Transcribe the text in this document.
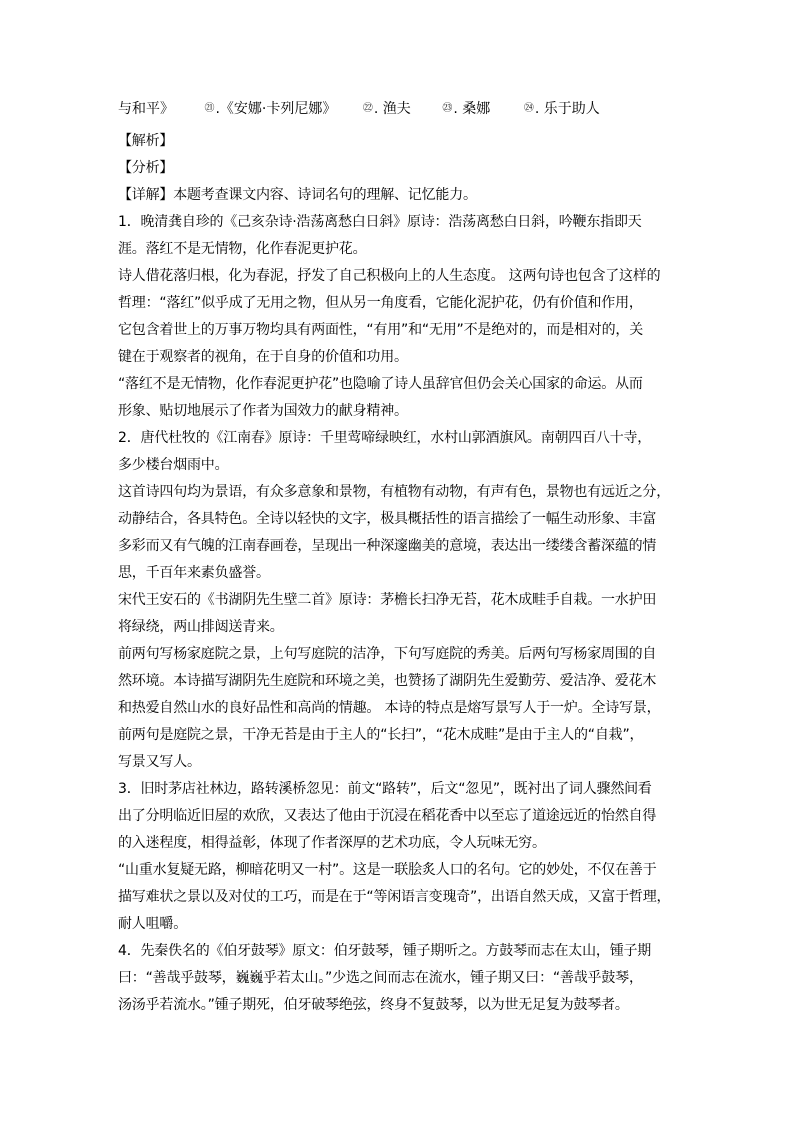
与和平》	㉑.《安娜·卡列尼娜》	㉒. 渔夫	㉓. 桑娜	㉔. 乐于助人
【解析】
【分析】
【详解】本题考查课文内容、诗词名句的理解、记忆能力。
1．晚清龚自珍的《己亥杂诗·浩荡离愁白日斜》原诗：浩荡离愁白日斜，吟鞭东指即天
涯。落红不是无情物，化作春泥更护花。
诗人借花落归根，化为春泥，抒发了自己积极向上的人生态度。 这两句诗也包含了这样的
哲理：“落红”似乎成了无用之物，但从另一角度看，它能化泥护花，仍有价值和作用，
它包含着世上的万事万物均具有两面性，“有用”和“无用”不是绝对的，而是相对的，关
键在于观察者的视角，在于自身的价值和功用。
“落红不是无情物，化作春泥更护花”也隐喻了诗人虽辞官但仍会关心国家的命运。从而
形象、贴切地展示了作者为国效力的献身精神。
2．唐代杜牧的《江南春》原诗：千里莺啼绿映红，水村山郭酒旗风。南朝四百八十寺，
多少楼台烟雨中。
这首诗四句均为景语，有众多意象和景物，有植物有动物，有声有色，景物也有远近之分，
动静结合，各具特色。全诗以轻快的文字，极具概括性的语言描绘了一幅生动形象、丰富
多彩而又有气魄的江南春画卷，呈现出一种深邃幽美的意境，表达出一缕缕含蓄深蕴的情
思，千百年来素负盛誉。
宋代王安石的《书湖阴先生壁二首》原诗：茅檐长扫净无苔，花木成畦手自栽。一水护田
将绿绕，两山排闼送青来。
前两句写杨家庭院之景，上句写庭院的洁净，下句写庭院的秀美。后两句写杨家周围的自
然环境。本诗描写湖阴先生庭院和环境之美，也赞扬了湖阴先生爱勤劳、爱洁净、爱花木
和热爱自然山水的良好品性和高尚的情趣。 本诗的特点是熔写景写人于一炉。全诗写景，
前两句是庭院之景，干净无苔是由于主人的“长扫”，“花木成畦”是由于主人的“自栽”，
写景又写人。
3．旧时茅店社林边，路转溪桥忽见：前文“路转”，后文“忽见”，既衬出了词人骤然间看
出了分明临近旧屋的欢欣，又表达了他由于沉浸在稻花香中以至忘了道途远近的怡然自得
的入迷程度，相得益彰，体现了作者深厚的艺术功底，令人玩味无穷。
“山重水复疑无路，柳暗花明又一村”。这是一联脍炙人口的名句。它的妙处，不仅在善于
描写难状之景以及对仗的工巧，而是在于“等闲语言变瑰奇”，出语自然天成，又富于哲理，
耐人咀嚼。
4．先秦佚名的《伯牙鼓琴》原文：伯牙鼓琴，锺子期听之。方鼓琴而志在太山，锺子期
曰：“善哉乎鼓琴，巍巍乎若太山。”少选之间而志在流水，锺子期又曰：“善哉乎鼓琴，
汤汤乎若流水。”锺子期死，伯牙破琴绝弦，终身不复鼓琴，以为世无足复为鼓琴者。
